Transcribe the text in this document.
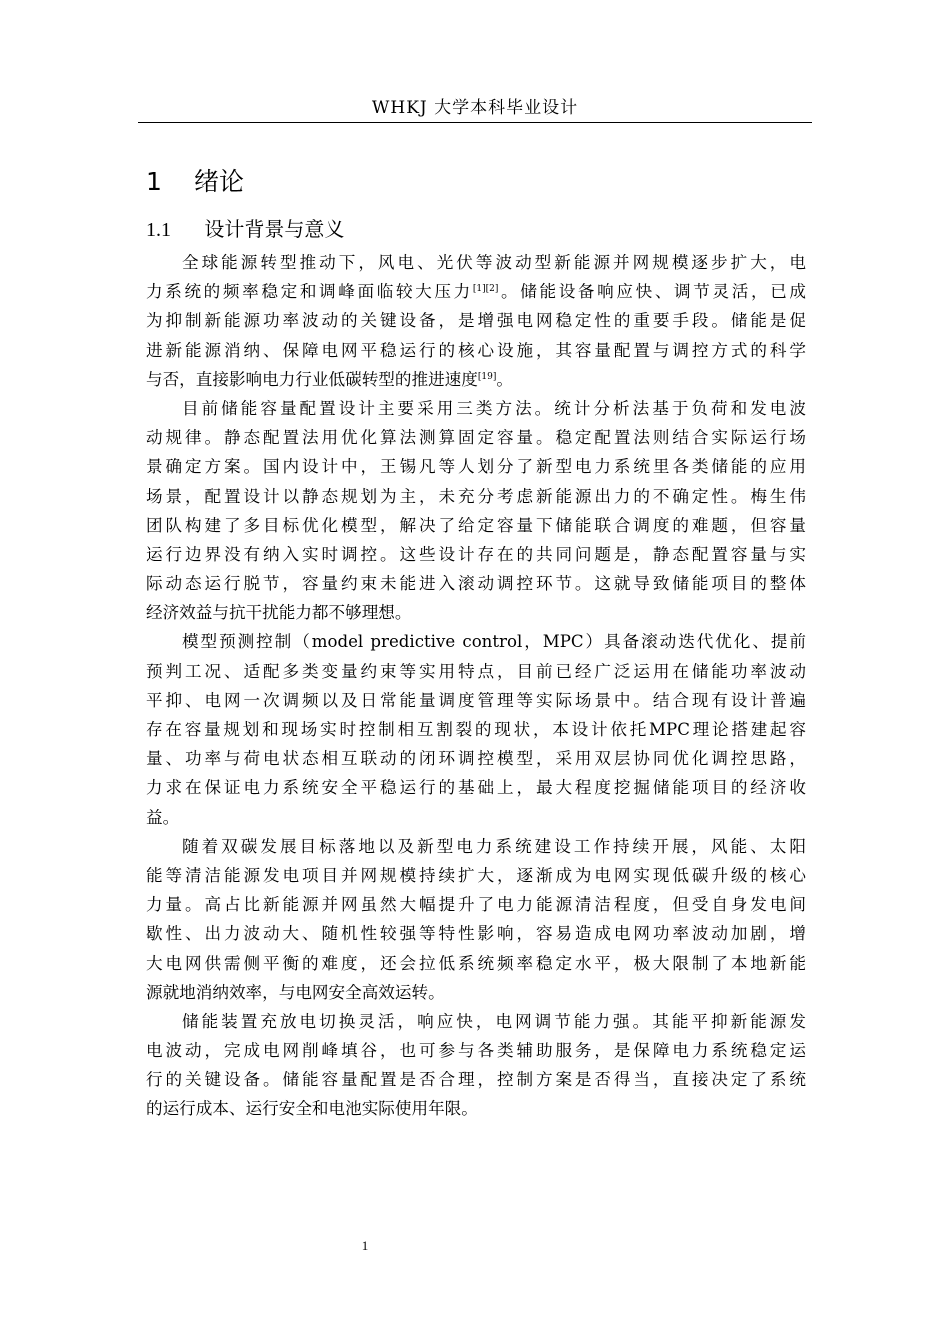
WHKJ 大学本科毕业设计
1 绪论
1.1 设计背景与意义
全球能源转型推动下，风电、光伏等波动型新能源并网规模逐步扩大，电
力系统的频率稳定和调峰面临较大压力[1][2]。储能设备响应快、调节灵活，已成
为抑制新能源功率波动的关键设备，是增强电网稳定性的重要手段。储能是促
进新能源消纳、保障电网平稳运行的核心设施，其容量配置与调控方式的科学
与否，直接影响电力行业低碳转型的推进速度[19]。
目前储能容量配置设计主要采用三类方法。统计分析法基于负荷和发电波
动规律。静态配置法用优化算法测算固定容量。稳定配置法则结合实际运行场
景确定方案。国内设计中，王锡凡等人划分了新型电力系统里各类储能的应用
场景，配置设计以静态规划为主，未充分考虑新能源出力的不确定性。梅生伟
团队构建了多目标优化模型，解决了给定容量下储能联合调度的难题，但容量
运行边界没有纳入实时调控。这些设计存在的共同问题是，静态配置容量与实
际动态运行脱节，容量约束未能进入滚动调控环节。这就导致储能项目的整体
经济效益与抗干扰能力都不够理想。
模型预测控制（model predictive control，MPC）具备滚动迭代优化、提前
预判工况、适配多类变量约束等实用特点，目前已经广泛运用在储能功率波动
平抑、电网一次调频以及日常能量调度管理等实际场景中。结合现有设计普遍
存在容量规划和现场实时控制相互割裂的现状，本设计依托MPC理论搭建起容
量、功率与荷电状态相互联动的闭环调控模型，采用双层协同优化调控思路，
力求在保证电力系统安全平稳运行的基础上，最大程度挖掘储能项目的经济收
益。
随着双碳发展目标落地以及新型电力系统建设工作持续开展，风能、太阳
能等清洁能源发电项目并网规模持续扩大，逐渐成为电网实现低碳升级的核心
力量。高占比新能源并网虽然大幅提升了电力能源清洁程度，但受自身发电间
歇性、出力波动大、随机性较强等特性影响，容易造成电网功率波动加剧，增
大电网供需侧平衡的难度，还会拉低系统频率稳定水平，极大限制了本地新能
源就地消纳效率，与电网安全高效运转。
储能装置充放电切换灵活，响应快，电网调节能力强。其能平抑新能源发
电波动，完成电网削峰填谷，也可参与各类辅助服务，是保障电力系统稳定运
行的关键设备。储能容量配置是否合理，控制方案是否得当，直接决定了系统
的运行成本、运行安全和电池实际使用年限。
1
